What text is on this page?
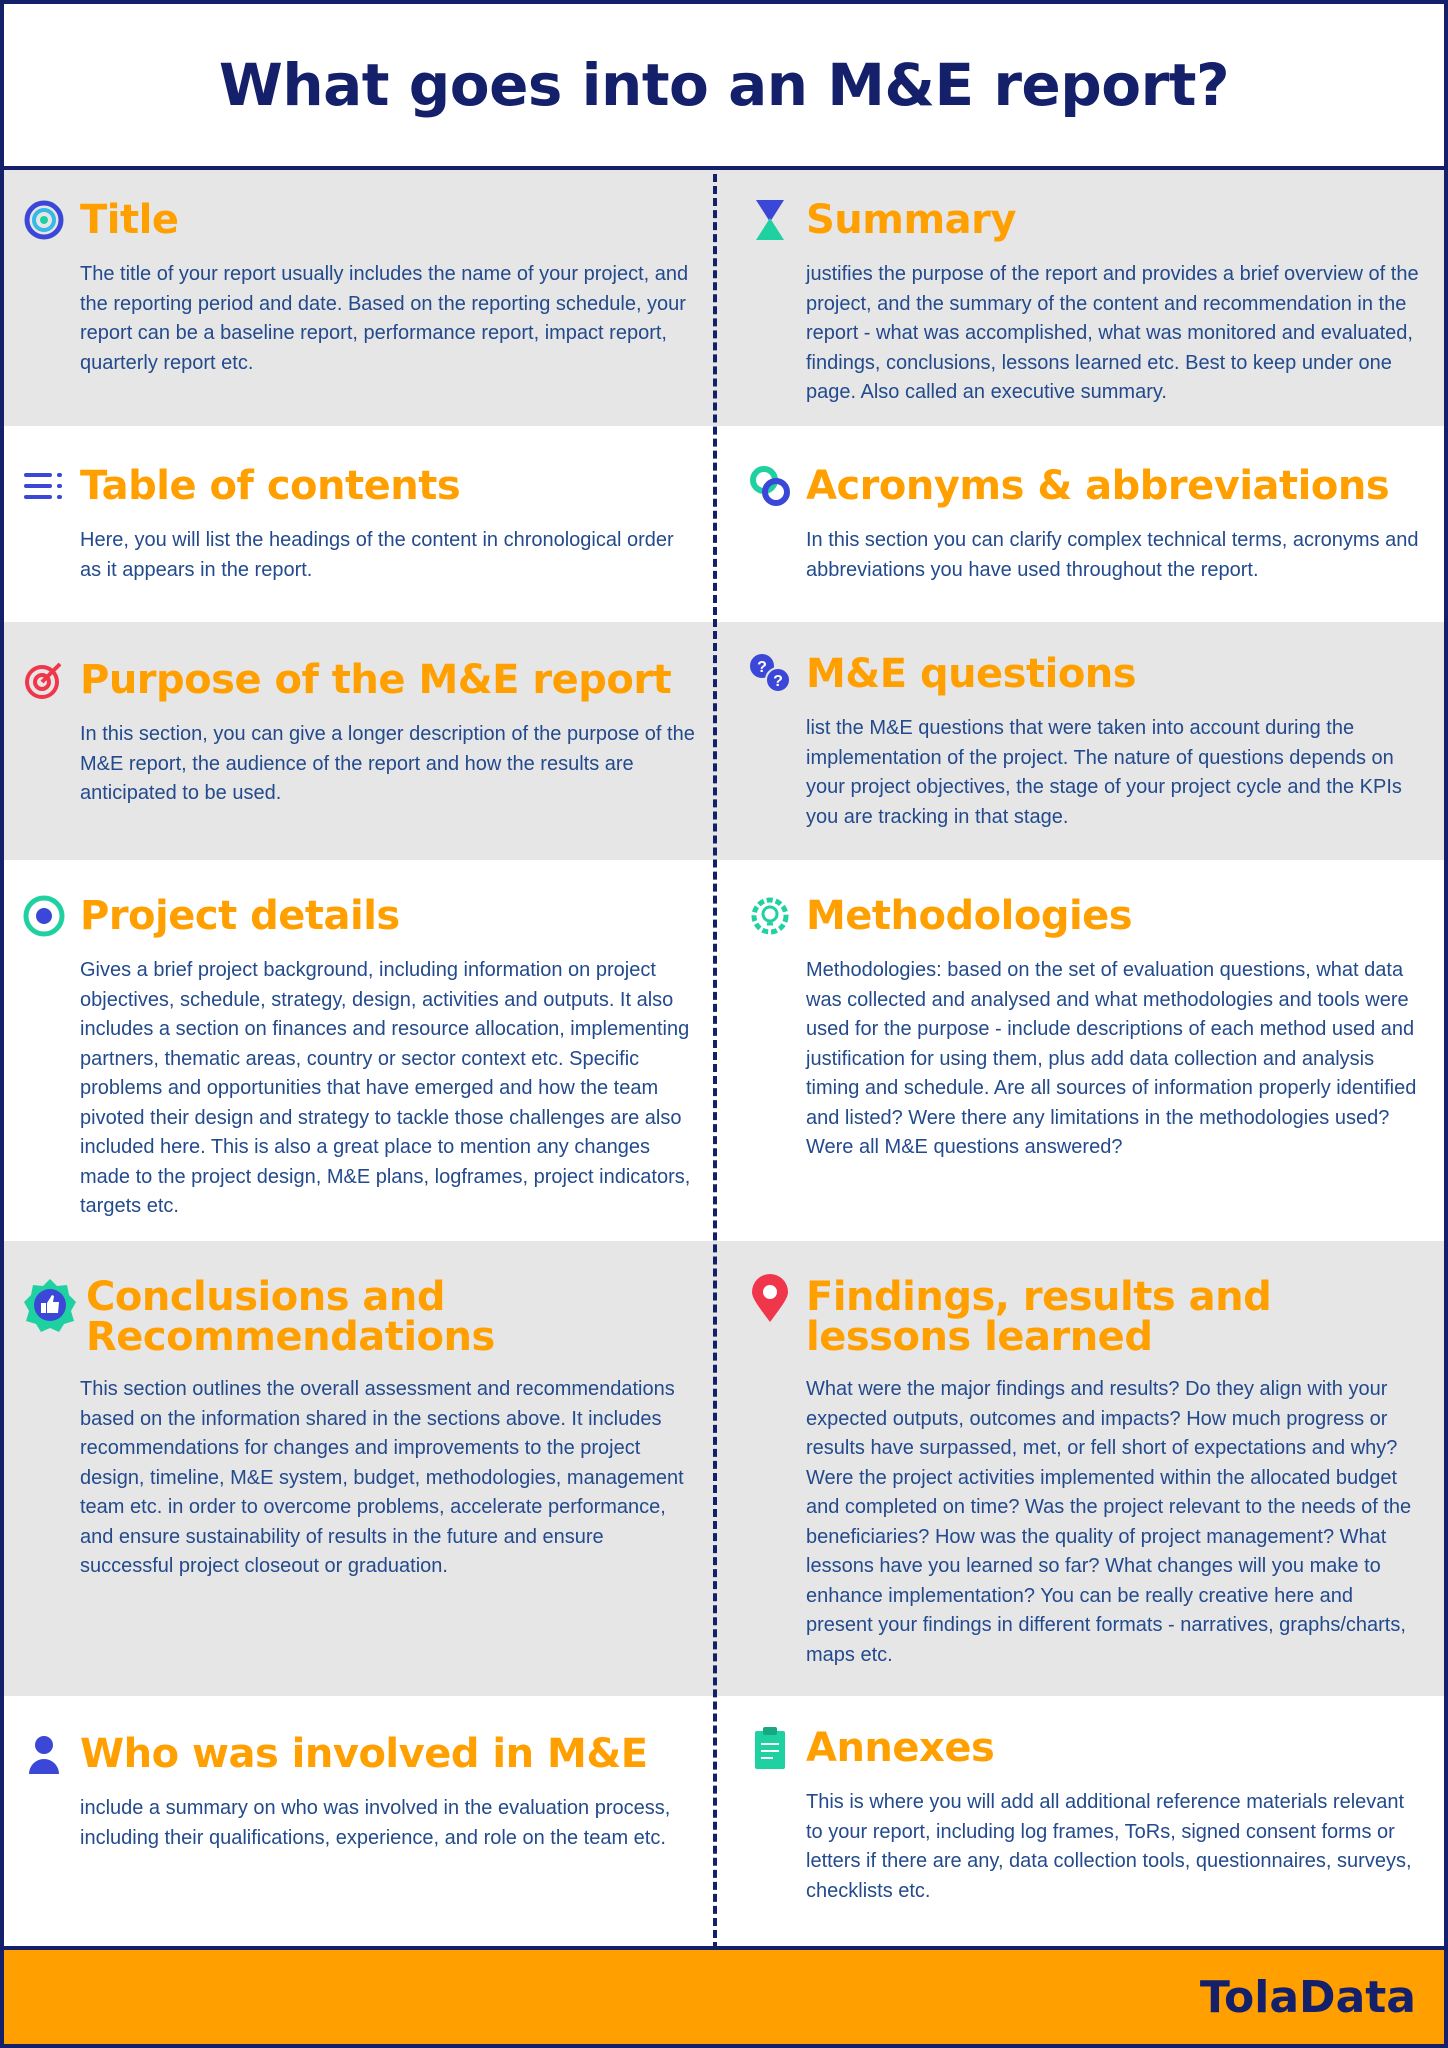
What goes into an M&E report?
Title

The title of your report usually includes the name of your project, and the reporting period and date. Based on the reporting schedule, your report can be a baseline report, performance report, impact report, quarterly report etc.

Summary

justifies the purpose of the report and provides a brief overview of the project, and the summary of the content and recommendation in the report - what was accomplished, what was monitored and evaluated, findings, conclusions, lessons learned etc. Best to keep under one page. Also called an executive summary.

Table of contents

Here, you will list the headings of the content in chronological order as it appears in the report.

Acronyms & abbreviations

In this section you can clarify complex technical terms, acronyms and abbreviations you have used throughout the report.

Purpose of the M&E report

In this section, you can give a longer description of the purpose of the M&E report, the audience of the report and how the results are anticipated to be used.

?
? M&E questions

list the M&E questions that were taken into account during the implementation of the project. The nature of questions depends on your project objectives, the stage of your project cycle and the KPIs you are tracking in that stage.

Project details

Gives a brief project background, including information on project objectives, schedule, strategy, design, activities and outputs. It also includes a section on finances and resource allocation, implementing partners, thematic areas, country or sector context etc. Specific problems and opportunities that have emerged and how the team pivoted their design and strategy to tackle those challenges are also included here. This is also a great place to mention any changes made to the project design, M&E plans, logframes, project indicators, targets etc.

Methodologies

Methodologies: based on the set of evaluation questions, what data was collected and analysed and what methodologies and tools were used for the purpose - include descriptions of each method used and justification for using them, plus add data collection and analysis timing and schedule. Are all sources of information properly identified and listed? Were there any limitations in the methodologies used? Were all M&E questions answered?

Conclusions and Recommendations

This section outlines the overall assessment and recommendations based on the information shared in the sections above. It includes recommendations for changes and improvements to the project design, timeline, M&E system, budget, methodologies, management team etc. in order to overcome problems, accelerate performance, and ensure sustainability of results in the future and ensure successful project closeout or graduation.

Findings, results and lessons learned

What were the major findings and results? Do they align with your expected outputs, outcomes and impacts? How much progress or results have surpassed, met, or fell short of expectations and why? Were the project activities implemented within the allocated budget and completed on time? Was the project relevant to the needs of the beneficiaries? How was the quality of project management? What lessons have you learned so far? What changes will you make to enhance implementation? You can be really creative here and present your findings in different formats - narratives, graphs/charts, maps etc.

Who was involved in M&E

include a summary on who was involved in the evaluation process, including their qualifications, experience, and role on the team etc.

Annexes

This is where you will add all additional reference materials relevant to your report, including log frames, ToRs, signed consent forms or letters if there are any, data collection tools, questionnaires, surveys, checklists etc.

TolaData
